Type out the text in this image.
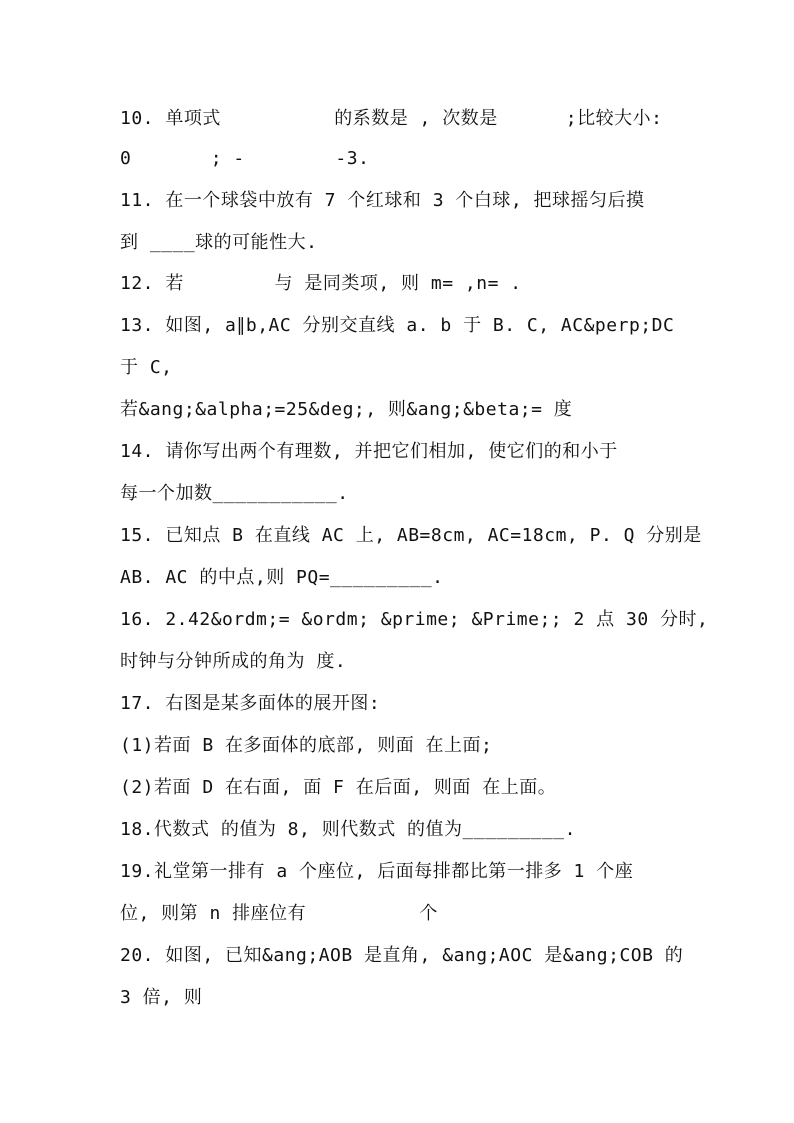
10. 单项式          的系数是 , 次数是      ;比较大小:
0       ; -        -3.
11. 在一个球袋中放有 7 个红球和 3 个白球, 把球摇匀后摸
到 ____球的可能性大.
12. 若        与 是同类项, 则 m= ,n= .
13. 如图, a∥b,AC 分别交直线 a. b 于 B. C, AC&perp;DC
于 C,
若&ang;&alpha;=25&deg;, 则&ang;&beta;= 度
14. 请你写出两个有理数, 并把它们相加, 使它们的和小于
每一个加数___________.
15. 已知点 B 在直线 AC 上, AB=8cm, AC=18cm, P. Q 分别是
AB. AC 的中点,则 PQ=_________.
16. 2.42&ordm;= &ordm; &prime; &Prime;; 2 点 30 分时,
时钟与分钟所成的角为 度.
17. 右图是某多面体的展开图:
(1)若面 B 在多面体的底部, 则面 在上面;
(2)若面 D 在右面, 面 F 在后面, 则面 在上面。
18.代数式 的值为 8, 则代数式 的值为_________.
19.礼堂第一排有 a 个座位, 后面每排都比第一排多 1 个座
位, 则第 n 排座位有          个
20. 如图, 已知&ang;AOB 是直角, &ang;AOC 是&ang;COB 的
3 倍, 则
